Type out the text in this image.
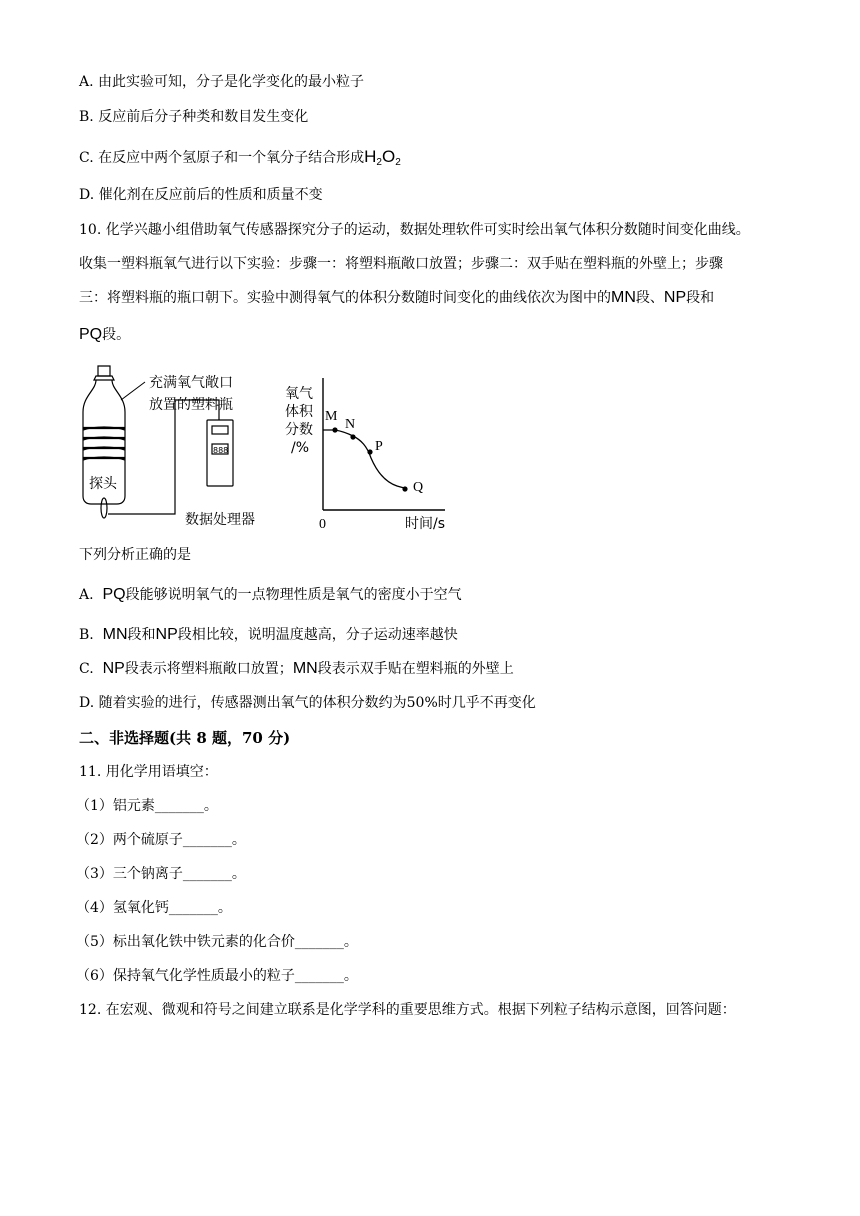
A. 由此实验可知，分子是化学变化的最小粒子
B. 反应前后分子种类和数目发生变化
C. 在反应中两个氢原子和一个氧分子结合形成$H_2O_2$
D. 催化剂在反应前后的性质和质量不变
10. 化学兴趣小组借助氧气传感器探究分子的运动，数据处理软件可实时绘出氧气体积分数随时间变化曲线。
收集一塑料瓶氧气进行以下实验：步骤一：将塑料瓶敞口放置；步骤二：双手贴在塑料瓶的外壁上；步骤
三：将塑料瓶的瓶口朝下。实验中测得氧气的体积分数随时间变化的曲线依次为图中的MN段、NP段和
PQ段。
探头
充满氧气敞口
放置的塑料瓶
888
数据处理器
氧气
体积
分数
/%
0	时间/s
M
N
P
Q
下列分析正确的是
A. PQ段能够说明氧气的一点物理性质是氧气的密度小于空气
B. MN段和NP段相比较，说明温度越高，分子运动速率越快
C. NP段表示将塑料瓶敞口放置；MN段表示双手贴在塑料瓶的外壁上
D. 随着实验的进行，传感器测出氧气的体积分数约为50%时几乎不再变化
二、非选择题(共 8 题，70 分)
11. 用化学用语填空：
（1）铝元素_______。
（2）两个硫原子_______。
（3）三个钠离子_______。
（4）氢氧化钙_______。
（5）标出氧化铁中铁元素的化合价_______。
（6）保持氧气化学性质最小的粒子_______。
12. 在宏观、微观和符号之间建立联系是化学学科的重要思维方式。根据下列粒子结构示意图，回答问题：
